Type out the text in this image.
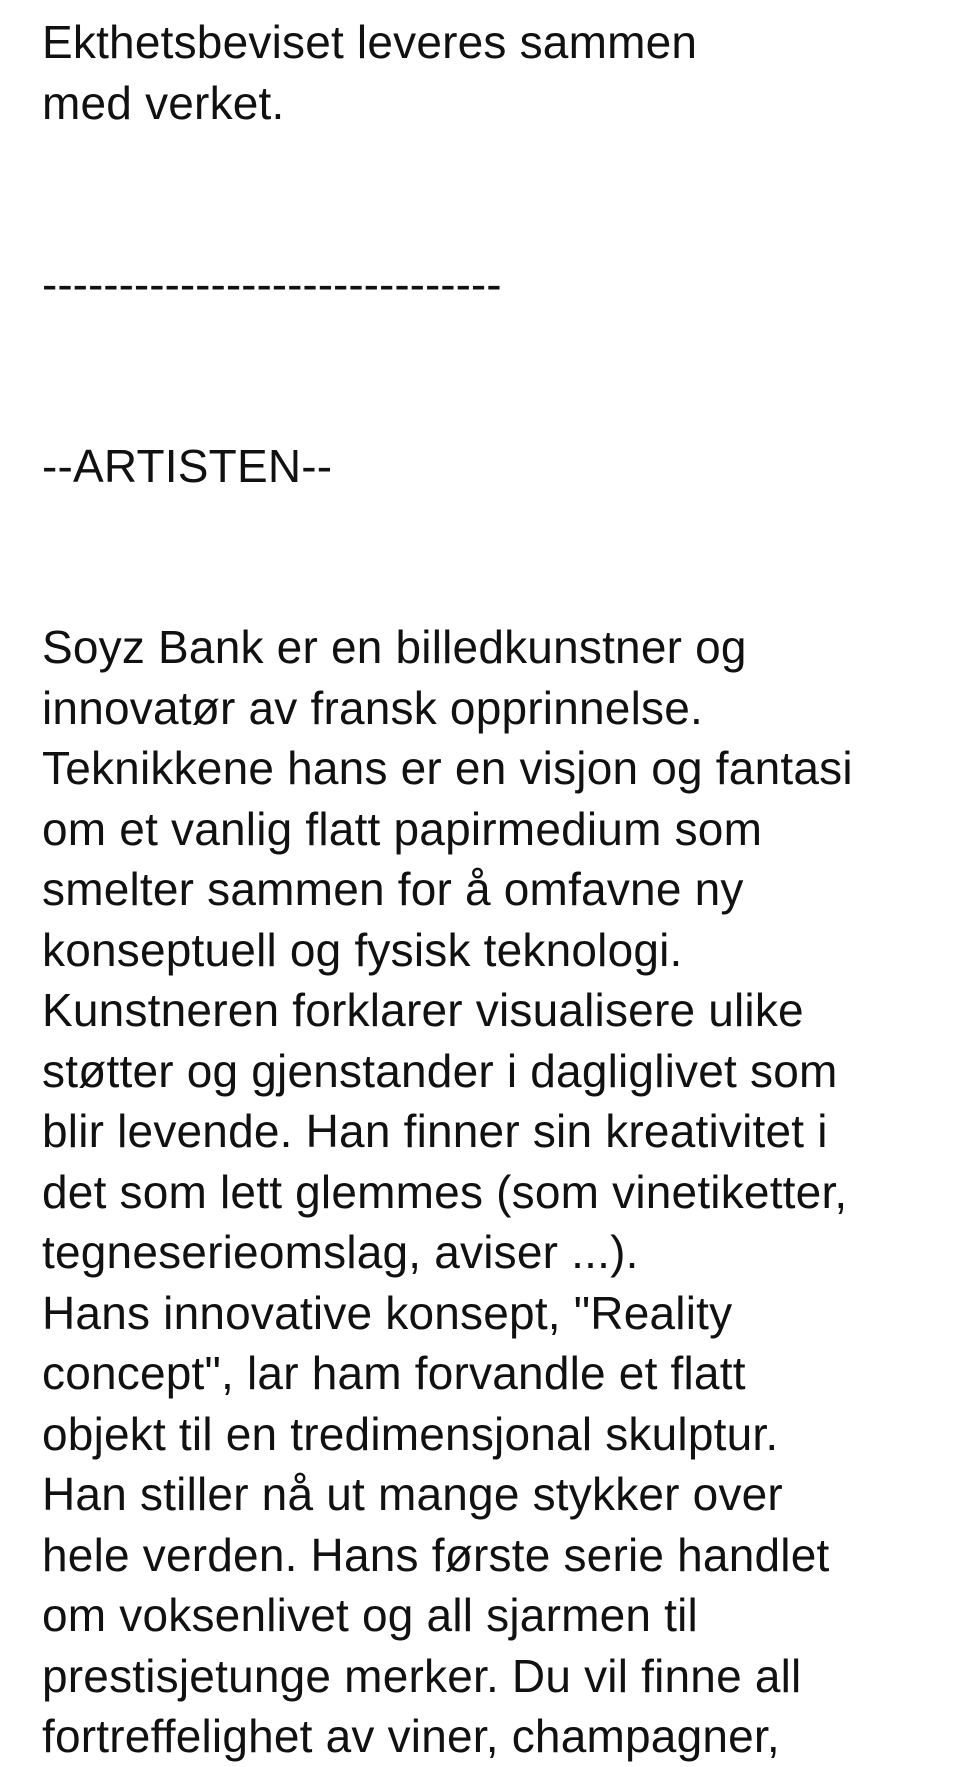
Ekthetsbeviset leveres sammen
med verket.
------------------------------
--ARTISTEN--
Soyz Bank er en billedkunstner og
innovatør av fransk opprinnelse.
Teknikkene hans er en visjon og fantasi
om et vanlig flatt papirmedium som
smelter sammen for å omfavne ny
konseptuell og fysisk teknologi.
Kunstneren forklarer visualisere ulike
støtter og gjenstander i dagliglivet som
blir levende. Han finner sin kreativitet i
det som lett glemmes (som vinetiketter,
tegneserieomslag, aviser ...).
Hans innovative konsept, "Reality
concept", lar ham forvandle et flatt
objekt til en tredimensjonal skulptur.
Han stiller nå ut mange stykker over
hele verden. Hans første serie handlet
om voksenlivet og all sjarmen til
prestisjetunge merker. Du vil finne all
fortreffelighet av viner, champagner,
